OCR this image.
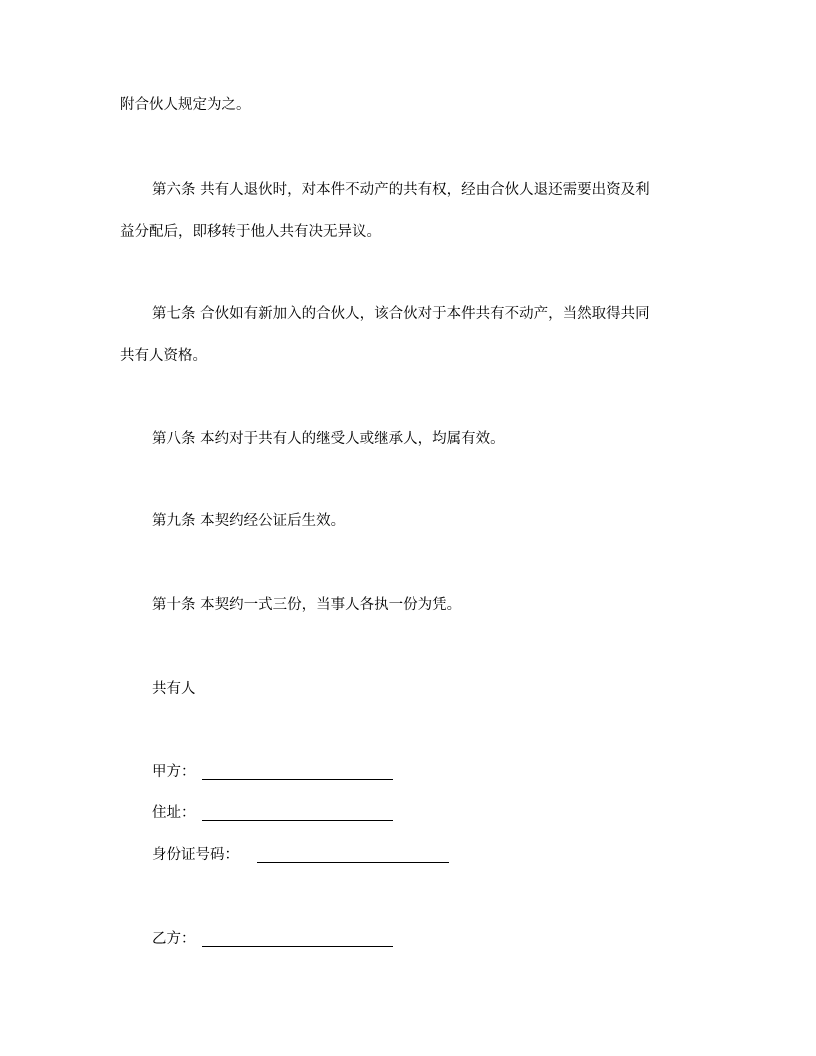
附合伙人规定为之。
第六条 共有人退伙时，对本件不动产的共有权，经由合伙人退还需要出资及利
益分配后，即移转于他人共有决无异议。
第七条 合伙如有新加入的合伙人，该合伙对于本件共有不动产，当然取得共同
共有人资格。
第八条 本约对于共有人的继受人或继承人，均属有效。
第九条 本契约经公证后生效。
第十条 本契约一式三份，当事人各执一份为凭。
共有人
甲方：
住址：
身份证号码：
乙方：
